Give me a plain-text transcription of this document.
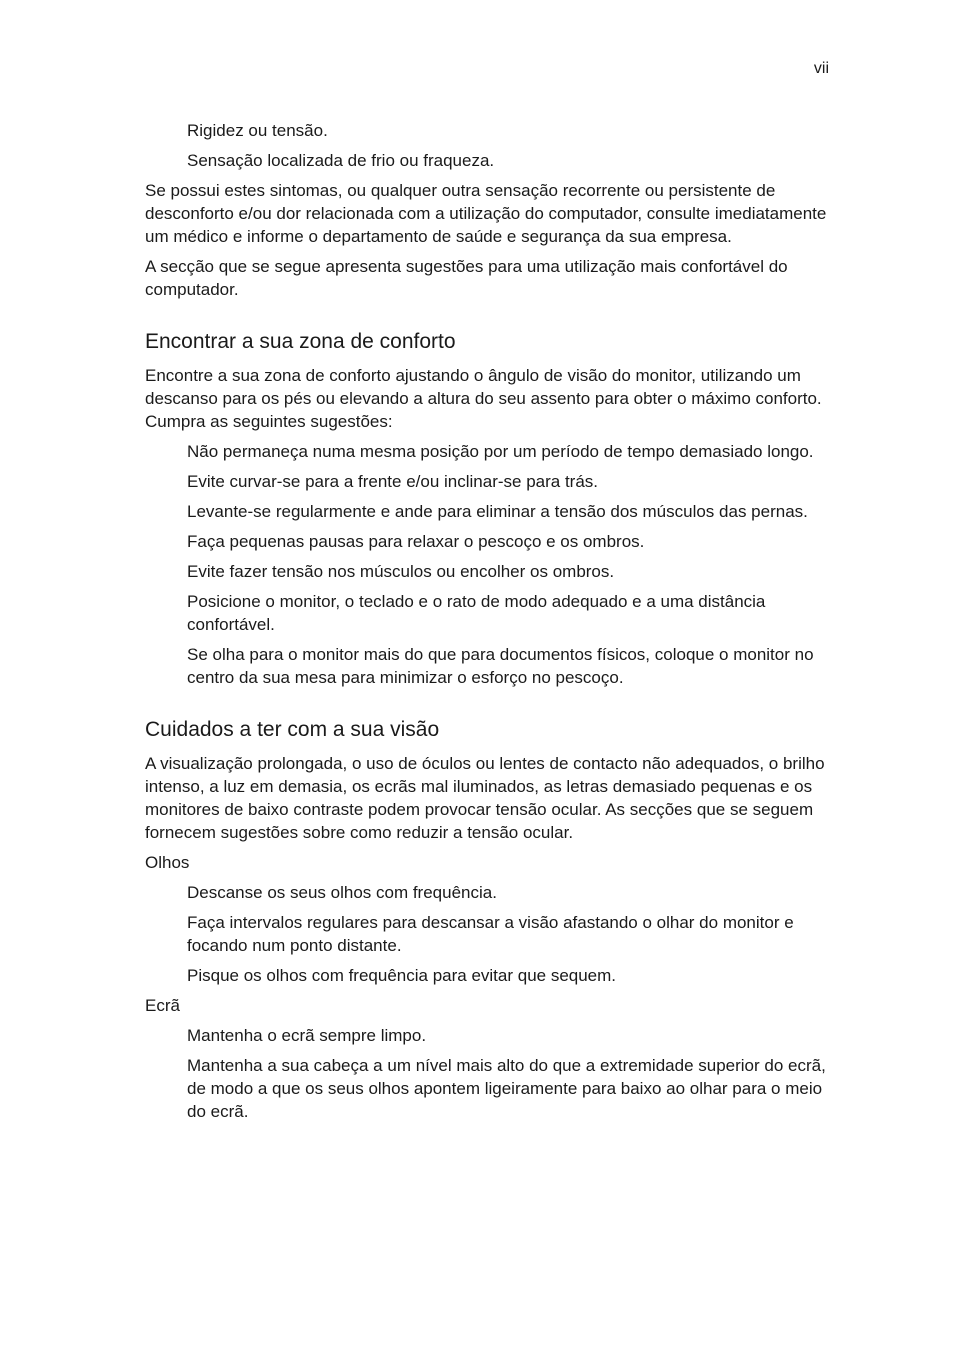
vii

Rigidez ou tensão.

Sensação localizada de frio ou fraqueza.

Se possui estes sintomas, ou qualquer outra sensação recorrente ou persistente de desconforto e/ou dor relacionada com a utilização do computador, consulte imediatamente um médico e informe o departamento de saúde e segurança da sua empresa.

A secção que se segue apresenta sugestões para uma utilização mais confortável do computador.

Encontrar a sua zona de conforto

Encontre a sua zona de conforto ajustando o ângulo de visão do monitor, utilizando um descanso para os pés ou elevando a altura do seu assento para obter o máximo conforto. Cumpra as seguintes sugestões:

Não permaneça numa mesma posição por um período de tempo demasiado longo.

Evite curvar-se para a frente e/ou inclinar-se para trás.

Levante-se regularmente e ande para eliminar a tensão dos músculos das pernas.

Faça pequenas pausas para relaxar o pescoço e os ombros.

Evite fazer tensão nos músculos ou encolher os ombros.

Posicione o monitor, o teclado e o rato de modo adequado e a uma distância confortável.

Se olha para o monitor mais do que para documentos físicos, coloque o monitor no centro da sua mesa para minimizar o esforço no pescoço.

Cuidados a ter com a sua visão

A visualização prolongada, o uso de óculos ou lentes de contacto não adequados, o brilho intenso, a luz em demasia, os ecrãs mal iluminados, as letras demasiado pequenas e os monitores de baixo contraste podem provocar tensão ocular. As secções que se seguem fornecem sugestões sobre como reduzir a tensão ocular.

Olhos

Descanse os seus olhos com frequência.

Faça intervalos regulares para descansar a visão afastando o olhar do monitor e focando num ponto distante.

Pisque os olhos com frequência para evitar que sequem.

Ecrã

Mantenha o ecrã sempre limpo.

Mantenha a sua cabeça a um nível mais alto do que a extremidade superior do ecrã, de modo a que os seus olhos apontem ligeiramente para baixo ao olhar para o meio do ecrã.
